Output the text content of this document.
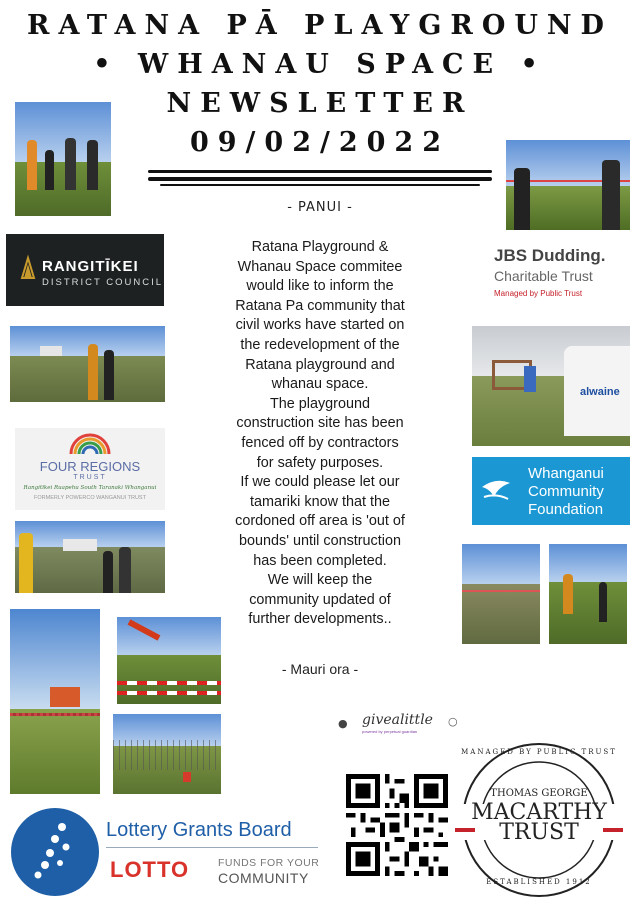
RATANA PĀ PLAYGROUND
• WHANAU SPACE •
NEWSLETTER
09/02/2022
- PANUI -
Ratana Playground &
Whanau Space commitee
would like to inform the
Ratana Pa community that
civil works have started on
the redevelopment of the
Ratana playground and
whanau space.
The playground
construction site has been
fenced off by contractors
for safety purposes.
If we could please let our
tamariki know that the
cordoned off area is 'out of
bounds' until construction
has been completed.
We will keep the
community updated of
further developments..
- Mauri ora -
RANGITĪKEI
DISTRICT COUNCIL
FOUR REGIONS
TRUST
Rangitīkei Ruapehu South Taranaki Whanganui
FORMERLY POWERCO WANGANUI TRUST
Lottery Grants Board
LOTTO	FUNDS FOR YOUR
COMMUNITY
JBS Dudding.
Charitable Trust
Managed by Public Trust
alwaine
Whanganui
Community
Foundation
● givealittle
powered by perpetual guardian
○
MANAGED BY PUBLIC TRUST
THOMAS GEORGE
MACARTHY
TRUST
ESTABLISHED 1912
